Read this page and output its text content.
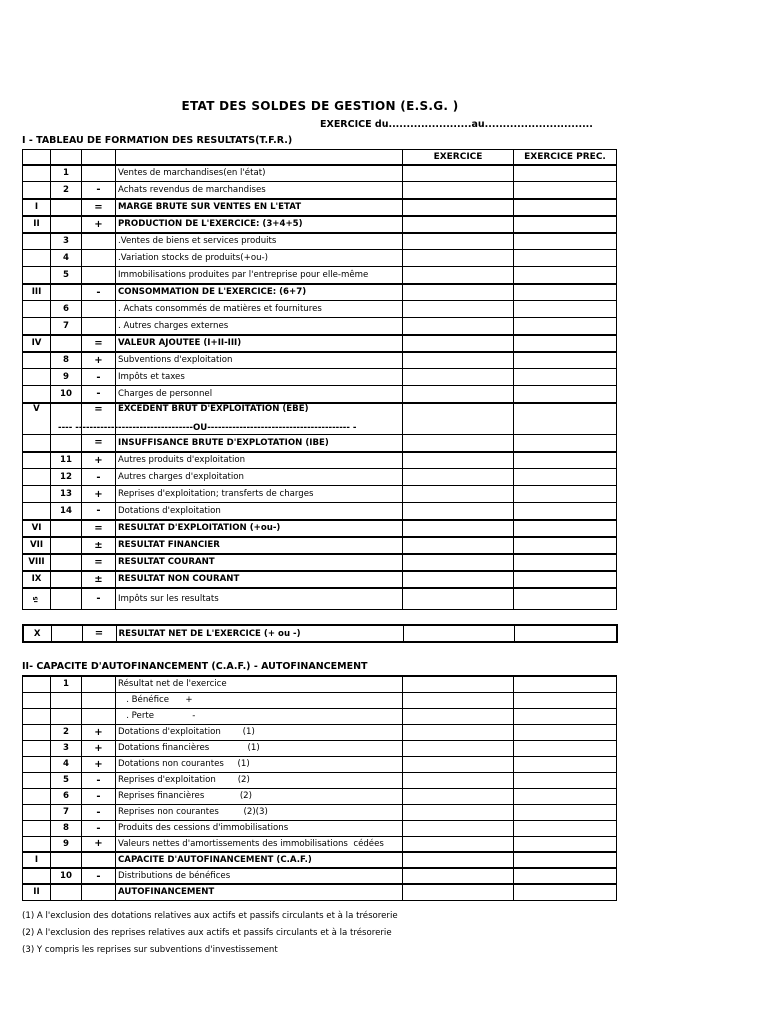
ETAT DES SOLDES DE GESTION (E.S.G. )
EXERCICE du.......................au..............................
I - TABLEAU DE FORMATION DES RESULTATS(T.F.R.)
				EXERCICE	EXERCICE PREC.
	1		Ventes de marchandises(en l'état)		
	2	-	Achats revendus de marchandises		
I		=	MARGE BRUTE SUR VENTES EN L'ETAT		
II		+	PRODUCTION DE L'EXERCICE: (3+4+5)		
	3		.Ventes de biens et services produits		
	4		.Variation stocks de produits(+ou-)		
	5		Immobilisations produites par l'entreprise pour elle-même		
III		-	CONSOMMATION DE L'EXERCICE: (6+7)		
	6		. Achats consommés de matières et fournitures		
	7		. Autres charges externes		
IV		=	VALEUR AJOUTEE (I+II-III)		
	8	+	Subventions d'exploitation		
	9	-	Impôts et taxes		
	10	-	Charges de personnel		
V		=	EXCEDENT BRUT D'EXPLOITATION (EBE)		
		=	INSUFFISANCE BRUTE D'EXPLOTATION (IBE)		
	11	+	Autres produits d'exploitation		
	12	-	Autres charges d'exploitation		
	13	+	Reprises d'exploitation; transferts de charges		
	14	-	Dotations d'exploitation		
VI		=	RESULTAT D'EXPLOITATION (+ou-)		
VII		±	RESULTAT FINANCIER		
VIII		=	RESULTAT COURANT		
IX		±	RESULTAT NON COURANT		
ı5		-	Impôts sur les resultats		
---- ---------------------------------OU---------------------------------------- -
X		=	RESULTAT NET DE L'EXERCICE (+ ou -)		
II- CAPACITE D'AUTOFINANCEMENT (C.A.F.) - AUTOFINANCEMENT
	1		Résultat net de l'exercice		
			. Bénéfice      +		
			. Perte              -		
	2	+	Dotations d'exploitation        (1)		
	3	+	Dotations financières              (1)		
	4	+	Dotations non courantes     (1)		
	5	-	Reprises d'exploitation        (2)		
	6	-	Reprises financières             (2)		
	7	-	Reprises non courantes         (2)(3)		
	8	-	Produits des cessions d'immobilisations		
	9	+	Valeurs nettes d'amortissements des immobilisations  cédées		
I			CAPACITE D'AUTOFINANCEMENT (C.A.F.)		
	10	-	Distributions de bénéfices		
II			AUTOFINANCEMENT		
(1) A l'exclusion des dotations relatives aux actifs et passifs circulants et à la trésorerie
(2) A l'exclusion des reprises relatives aux actifs et passifs circulants et à la trésorerie
(3) Y compris les reprises sur subventions d'investissement
